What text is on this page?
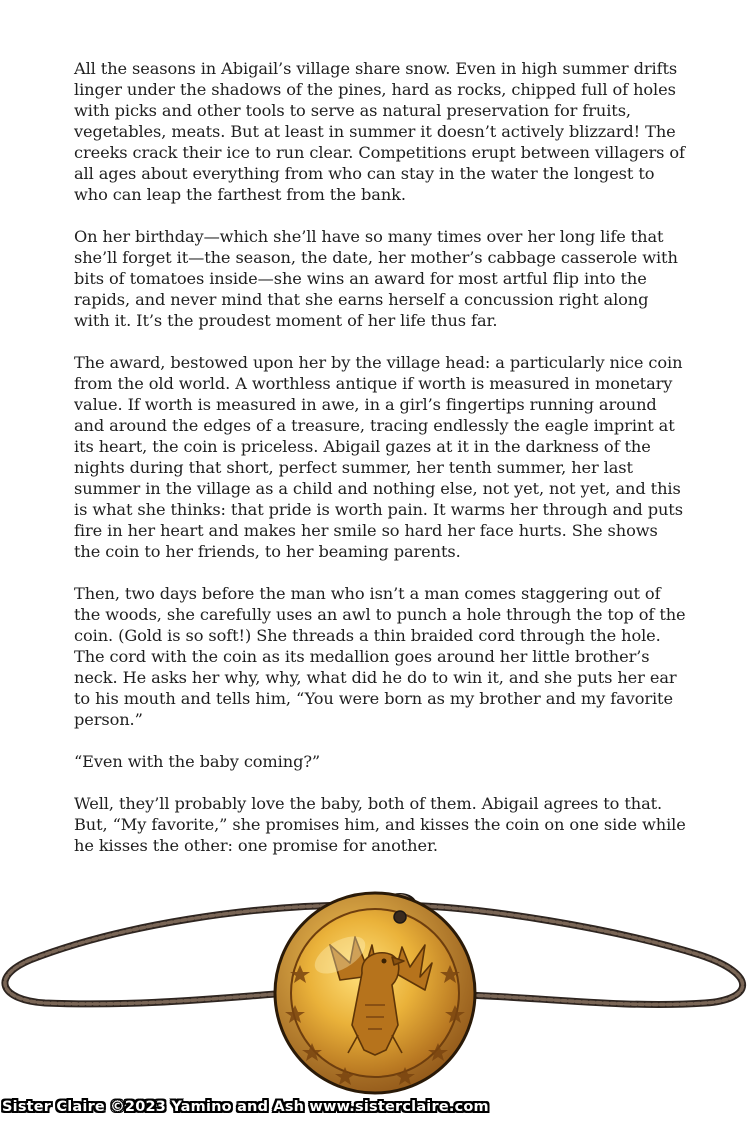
All the seasons in Abigail’s village share snow. Even in high summer drifts linger under the shadows of the pines, hard as rocks, chipped full of holes with picks and other tools to serve as natural preservation for fruits, vegetables, meats. But at least in summer it doesn’t actively blizzard! The creeks crack their ice to run clear. Competitions erupt between villagers of all ages about everything from who can stay in the water the longest to who can leap the farthest from the bank.

On her birthday—which she’ll have so many times over her long life that she’ll forget it—the season, the date, her mother’s cabbage casserole with bits of tomatoes inside—she wins an award for most artful flip into the rapids, and never mind that she earns herself a concussion right along with it. It’s the proudest moment of her life thus far.

The award, bestowed upon her by the village head: a particularly nice coin from the old world. A worthless antique if worth is measured in monetary value. If worth is measured in awe, in a girl’s fingertips running around and around the edges of a treasure, tracing endlessly the eagle imprint at its heart, the coin is priceless. Abigail gazes at it in the darkness of the nights during that short, perfect summer, her tenth summer, her last summer in the village as a child and nothing else, not yet, not yet, and this is what she thinks: that pride is worth pain. It warms her through and puts fire in her heart and makes her smile so hard her face hurts. She shows the coin to her friends, to her beaming parents.

Then, two days before the man who isn’t a man comes staggering out of the woods, she carefully uses an awl to punch a hole through the top of the coin. (Gold is so soft!) She threads a thin braided cord through the hole. The cord with the coin as its medallion goes around her little brother’s neck. He asks her why, why, what did he do to win it, and she puts her ear to his mouth and tells him, “You were born as my brother and my favorite person.”

“Even with the baby coming?”

Well, they’ll probably love the baby, both of them. Abigail agrees to that. But, “My favorite,” she promises him, and kisses the coin on one side while he kisses the other: one promise for another.

Sister Claire ©2023 Yamino and Ash www.sisterclaire.com
